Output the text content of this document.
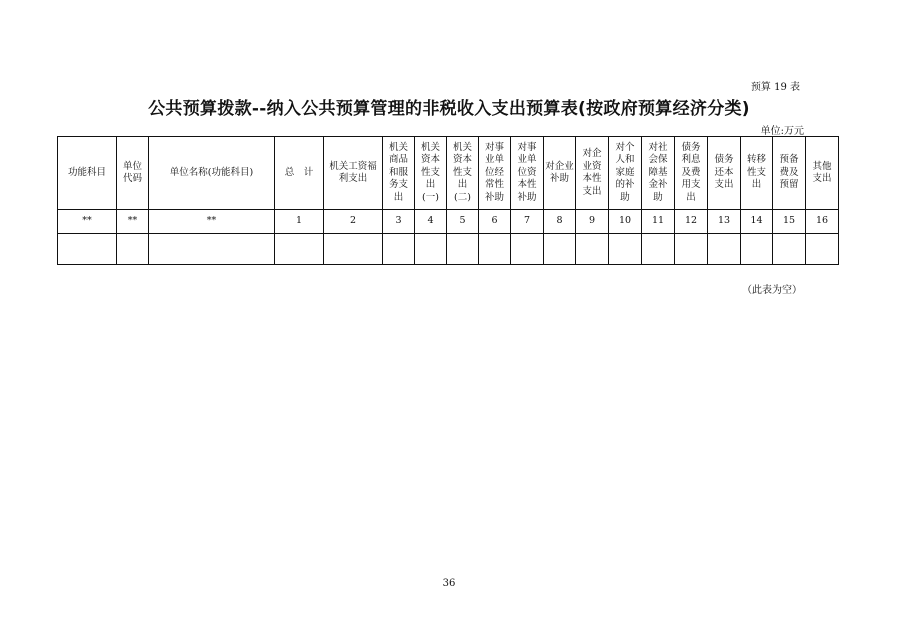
预算 19 表
公共预算拨款--纳入公共预算管理的非税收入支出预算表(按政府预算经济分类)
单位:万元
功能科目	单位代码	单位名称(功能科目)	总　计	机关工资福利支出	机关商品和服务支出	机关资本性支出(一)	机关资本性支出(二)	对事业单位经常性补助	对事业单位资本性补助	对企业补助	对企业资本性支出	对个人和家庭的补助	对社会保障基金补助	债务利息及费用支出	债务还本支出	转移性支出	预备费及预留	其他支出
**	**	**	1	2	3	4	5	6	7	8	9	10	11	12	13	14	15	16

（此表为空）
36
